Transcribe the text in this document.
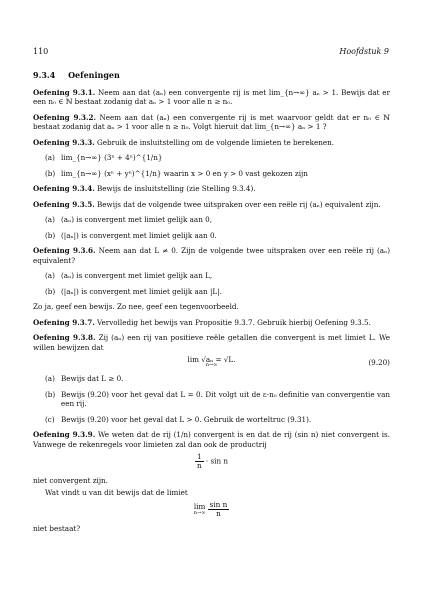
110	Hoofdstuk 9
9.3.4 Oefeningen

Oefening 9.3.1. Neem aan dat (aₙ) een convergente rij is met lim_{n→∞} aₙ > 1. Bewijs dat er een n₀ ∈ ℕ bestaat zodanig dat aₙ > 1 voor alle n ≥ n₀.

Oefening 9.3.2. Neem aan dat (aₙ) een convergente rij is met waarvoor geldt dat er n₀ ∈ ℕ bestaat zodanig dat aₙ > 1 voor alle n ≥ n₀. Volgt hieruit dat lim_{n→∞} aₙ > 1 ?

Oefening 9.3.3. Gebruik de insluitstelling om de volgende limieten te berekenen.

(a) lim_{n→∞} (3ⁿ + 4ⁿ)^{1/n}
(b) lim_{n→∞} (xⁿ + yⁿ)^{1/n} waarin x > 0 en y > 0 vast gekozen zijn

Oefening 9.3.4. Bewijs de insluitstelling (zie Stelling 9.3.4).

Oefening 9.3.5. Bewijs dat de volgende twee uitspraken over een reële rij (aₙ) equivalent zijn.

(a) (aₙ) is convergent met limiet gelijk aan 0,
(b) (|aₙ|) is convergent met limiet gelijk aan 0.

Oefening 9.3.6. Neem aan dat L ≠ 0. Zijn de volgende twee uitspraken over een reële rij (aₙ) equivalent?

(a) (aₙ) is convergent met limiet gelijk aan L,
(b) (|aₙ|) is convergent met limiet gelijk aan |L|.

Zo ja, geef een bewijs. Zo nee, geef een tegenvoorbeeld.

Oefening 9.3.7. Vervolledig het bewijs van Propositie 9.3.7. Gebruik hierbij Oefening 9.3.5.

Oefening 9.3.8. Zij (aₙ) een rij van positieve reële getallen die convergent is met limiet L. We willen bewijzen dat

lim √aₙ = √L.
n→∞	(9.20)
(a) Bewijs dat L ≥ 0.
(b) Bewijs (9.20) voor het geval dat L = 0. Dit volgt uit de ε-n₀ definitie van convergentie van een rij.
(c) Bewijs (9.20) voor het geval dat L > 0. Gebruik de worteltruc (9.31).

Oefening 9.3.9. We weten dat de rij (1/n) convergent is en dat de rij (sin n) niet convergent is. Vanwege de rekenregels voor limieten zal dan ook de productrij

$\frac{1}{n} \cdot \sin n$

niet convergent zijn.

Wat vindt u van dit bewijs dat de limiet

lim
n→∞
$\frac{\text{sin n}}{n}$

niet bestaat?
